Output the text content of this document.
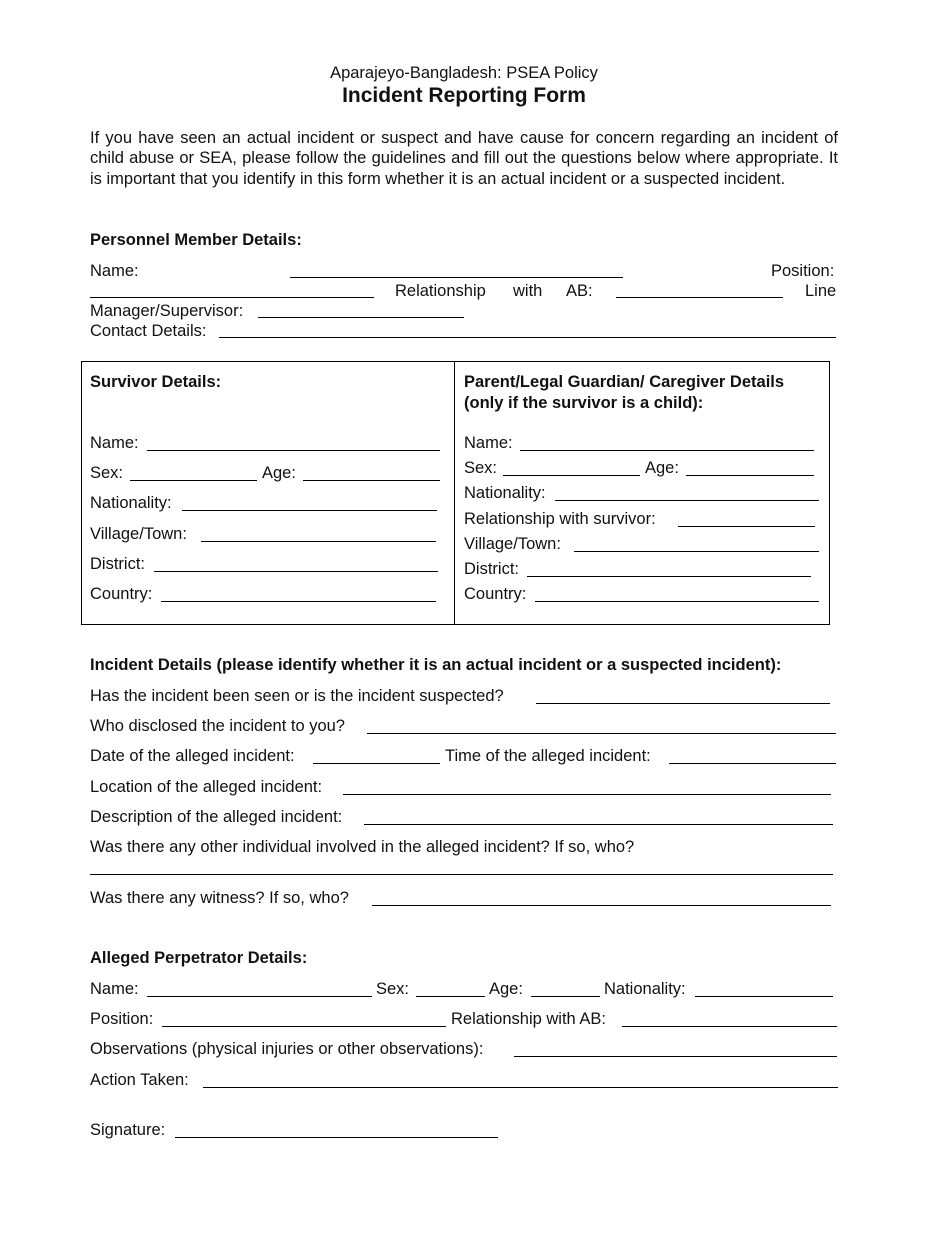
Aparajeyo-Bangladesh: PSEA Policy
Incident Reporting Form
If you have seen an actual incident or suspect and have cause for concern regarding an incident of child abuse or SEA, please follow the guidelines and fill out the questions below where appropriate. It is important that you identify in this form whether it is an actual incident or a suspected incident.
Personnel Member Details:
Name:	Position:
Relationship with AB:	Line
Manager/Supervisor:
Contact Details:
Survivor Details:
Name:
Sex:	Age:
Nationality:
Village/Town:
District:
Country:
Parent/Legal Guardian/ Caregiver Details
(only if the survivor is a child):
Name:
Sex:	Age:
Nationality:
Relationship with survivor:
Village/Town:
District:
Country:
Incident Details (please identify whether it is an actual incident or a suspected incident):
Has the incident been seen or is the incident suspected?
Who disclosed the incident to you?
Date of the alleged incident:	Time of the alleged incident:
Location of the alleged incident:
Description of the alleged incident:
Was there any other individual involved in the alleged incident? If so, who?
Was there any witness? If so, who?
Alleged Perpetrator Details:
Name:	Sex:	Age:	Nationality:
Position:	Relationship with AB:
Observations (physical injuries or other observations):
Action Taken:
Signature:
